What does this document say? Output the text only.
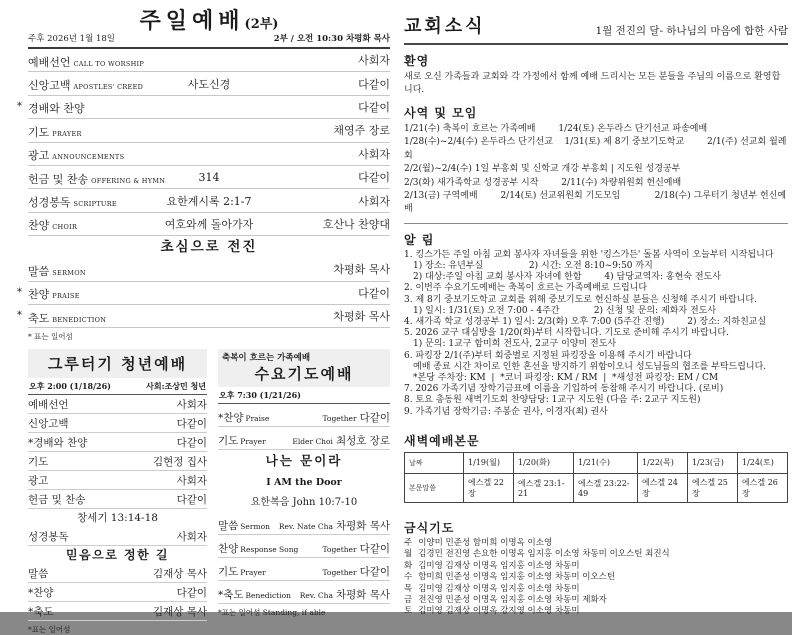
주일예배(2부)
주후 2026년 1월 18일	2부 / 오전 10:30 차평화 목사
예배선언 CALL TO WORSHIP	사회자
신앙고백 APOSTLES' CREED	사도신경	다같이
* 경배와 찬양	다같이
기도 PRAYER	채영주 장로
광고 ANNOUNCEMENTS	사회자
헌금 및 찬송 OFFERING & HYMN	314	다같이
성경봉독 SCRIPTURE	요한계시록 2:1-7	사회자
찬양 CHOIR	여호와께 돌아가자	호산나 찬양대
초심으로 전진
말씀 SERMON	차평화 목사
* 찬양 PRAISE	다같이
* 축도 BENEDICTION	차평화 목사
* 표는 일어섬
그루터기 청년예배
오후 2:00 (1/18/26)	사회:조상민 청년
예배선언	사회자
신앙고백	다같이
*경배와 찬양	다같이
기도	김현정 집사
광고	사회자
헌금 및 찬송	다같이
창세기 13:14-18
성경봉독	사회자
믿음으로 정한 길
말씀	김재상 목사
*찬양	다같이
*축도	김재상 목사
*표는 일어섬
축복이 흐르는 가족예배
수요기도예배
오후 7:30 (1/21/26)
*찬양 Praise	Together 다같이
기도 Prayer	Elder Choi 최성호 장로
나는 문이라
I AM the Door
요한복음 John 10:7-10
말씀 Sermon Rev. Nate Cha 차평화 목사
찬양 Response Song	Together 다같이
기도 Prayer	Together 다같이
*축도 Benediction Rev. Cha 차평화 목사
*표는 일어섬 Standing, if able
교회소식	1월 전진의 달- 하나님의 마음에 합한 사람
환영
새로 오신 가족들과 교회와 각 가정에서 함께 예배 드리시는 모든 분들을 주님의 이름으로 환영합니다.
사역 및 모임
1/21(수) 축복이 흐르는 가족예배        1/24(토) 온두라스 단기선교 파송예배
1/28(수)~2/4(수) 온두라스 단기선교    1/31(토) 제 8기 중보기도학교        2/1(주) 선교회 월례회
2/2(월)~2/4(수) 1일 부흥회 및 신학교 개강 부흥회 | 지도원 성경공부
2/3(화) 새가족학교 성경공부 시작        2/11(수) 차량위원회 헌신예배
2/13(금) 구역예배        2/14(토) 선교위원회 기도모임            2/18(수) 그루터기 청년부 헌신예배
알 림
1. 킹스가든 주일 아침 교회 봉사자 자녀들을 위한 '킹스가든' 돌봄 사역이 오늘부터 시작됩니다
1) 장소: 유년부실                2) 시간: 오전 8:10~9:50 까지
2) 대상:주일 아침 교회 봉사자 자녀에 한함        4) 담당교역자: 홍현숙 전도사
2. 이번주 수요기도예배는 축복이 흐르는 가족예배로 드립니다
3. 제 8기 중보기도학교 교회를 위해 중보기도로 헌신하실 분들은 신청해 주시기 바랍니다.
1) 일시: 1/31(토) 오전 7:00 - 4주간            2) 신청 및 문의: 제화자 전도사
4. 새가족 학교 성경공부 1) 일시: 2/3(화) 오후 7:00 (5주간 진행)        2) 장소: 지하친교실
5. 2026 교구 대심방을 1/20(화)부터 시작합니다. 기도로 준비해 주시기 바랍니다.
1) 문의: 1교구 함미희 전도사, 2교구 이양미 전도사
6. 파킹장 2/1(주)부터 회중별로 지정된 파킹장을 이용해 주시기 바랍니다
예배 종료 시간 차이로 인한 혼선을 방지하기 위함이오니 성도님들의 협조를 부탁드립니다.
*본당 주차장: KM  |  *코너 파킹장: KM / RM  |  *새성전 파킹장: EM / CM
7. 2026 가족기념 장학기금표에 이름을 기입하여 동참해 주시기 바랍니다. (로비)
8. 토요 총동원 새벽기도회 찬양담당: 1교구 지도원 (다음 주: 2교구 지도원)
9. 가족기념 장학기금: 주봉순 권사, 이경자(최) 권사
새벽예배본문
날짜	1/19(월)	1/20(화)	1/21(수)	1/22(목)	1/23(금)	1/24(토)
본문말씀	에스겔 22장	에스겔 23:1-21	에스겔 23:22-49	에스겔 24장	에스겔 25장	에스겔 26장
금식기도
주 이양미 민준성 함미희 이명옥 이소영
월 김경민 전진영 손요한 이명옥 임지홍 이소영 차동미 이오스틴 최진식
화 김미영 김재상 이명옥 임지홍 이소영 차동미
수 함미희 민준성 이명옥 임지홍 이소영 차동미 이오스틴
목 김미영 김재상 이명옥 임지홍 이소영 차동미
금 전진영 민준성 이명옥 임지홍 이소영 차동미 제화자
토 김미영 김재상 이명옥 강지영 이소영 차동미
